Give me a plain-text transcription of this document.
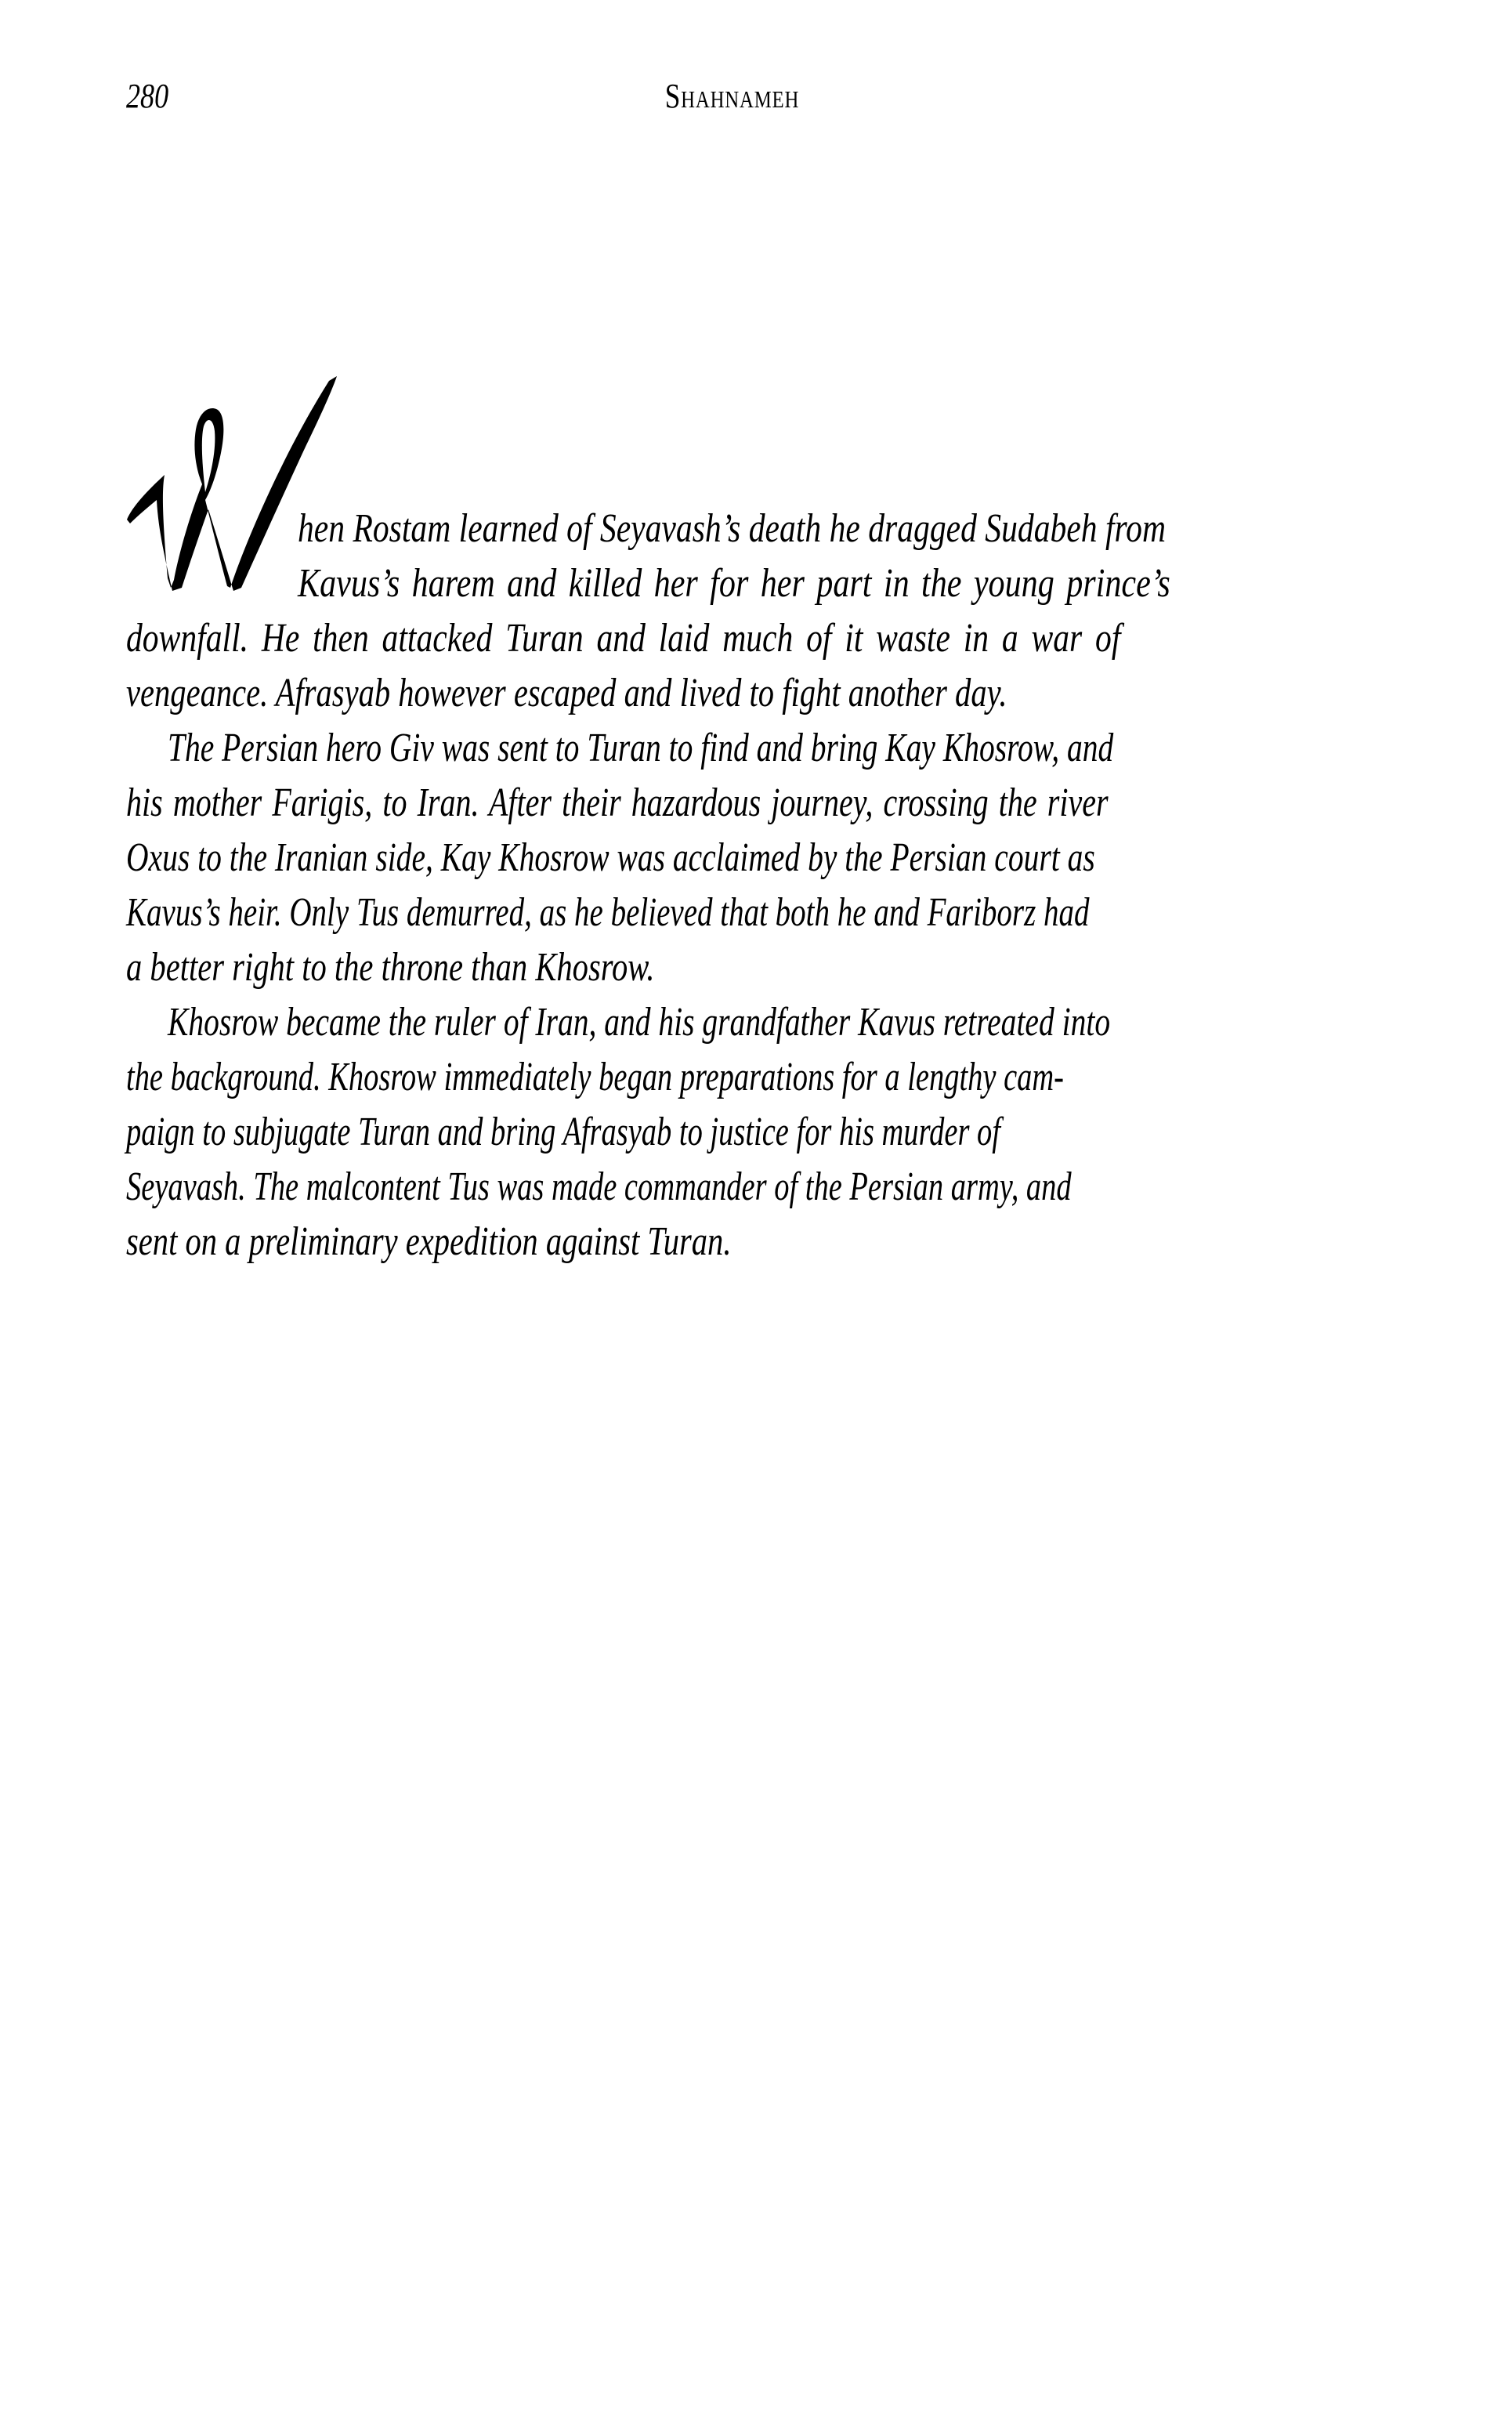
280	Shahnameh
hen Rostam learned of Seyavash’s death he dragged Sudabeh from
Kavus’s harem and killed her for her part in the young prince’s
downfall. He then attacked Turan and laid much of it waste in a war of
vengeance. Afrasyab however escaped and lived to fight another day.
The Persian hero Giv was sent to Turan to find and bring Kay Khosrow, and
his mother Farigis, to Iran. After their hazardous journey, crossing the river
Oxus to the Iranian side, Kay Khosrow was acclaimed by the Persian court as
Kavus’s heir. Only Tus demurred, as he believed that both he and Fariborz had
a better right to the throne than Khosrow.
Khosrow became the ruler of Iran, and his grandfather Kavus retreated into
the background. Khosrow immediately began preparations for a lengthy cam-
paign to subjugate Turan and bring Afrasyab to justice for his murder of
Seyavash. The malcontent Tus was made commander of the Persian army, and
sent on a preliminary expedition against Turan.
